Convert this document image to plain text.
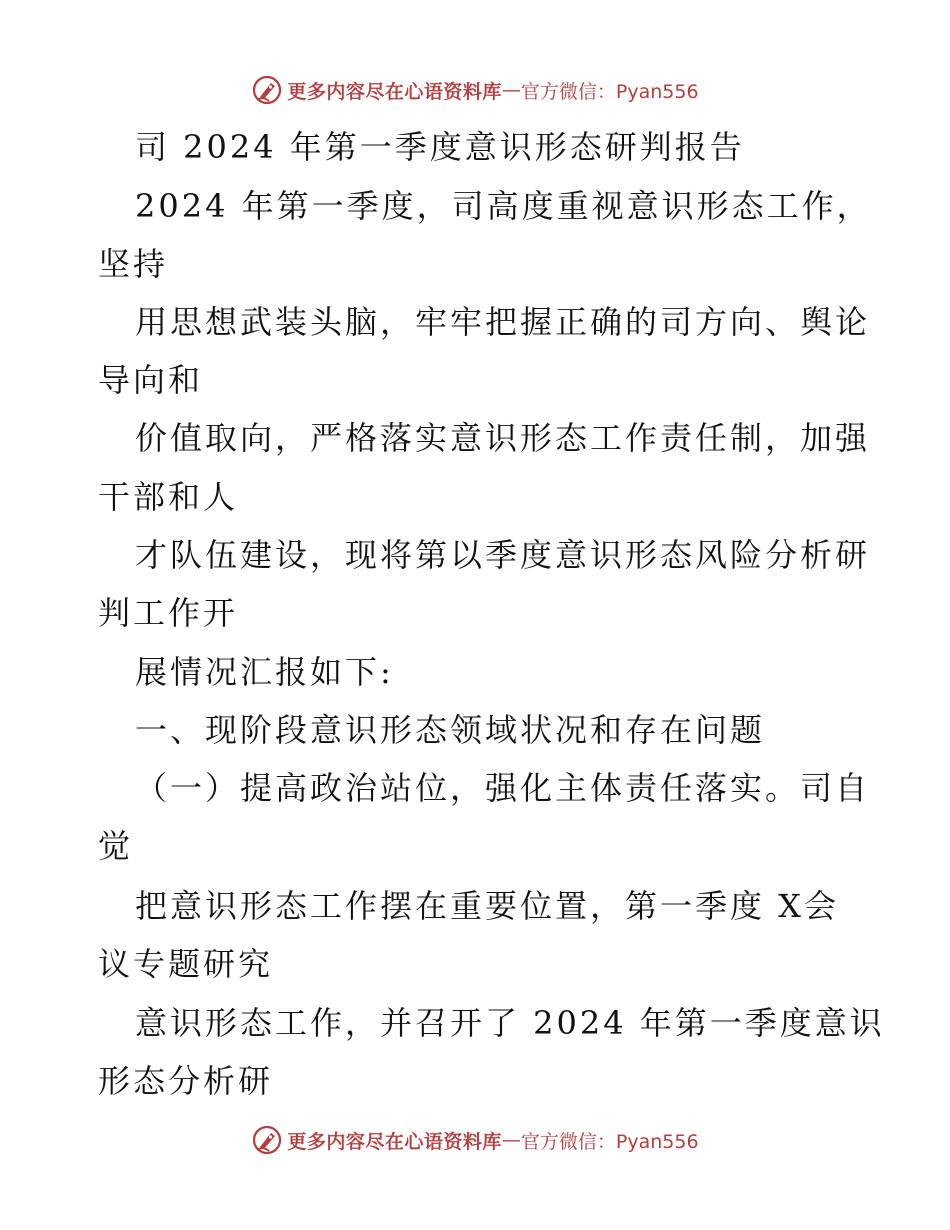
更多内容尽在心语资料库 — 官方微信：Pyan556
司 2024 年第一季度意识形态研判报告
2024 年第一季度，司高度重视意识形态工作，
坚持
用思想武装头脑，牢牢把握正确的司方向、舆论
导向和
价值取向，严格落实意识形态工作责任制，加强
干部和人
才队伍建设，现将第以季度意识形态风险分析研
判工作开
展情况汇报如下:
一、现阶段意识形态领域状况和存在问题
（一）提高政治站位，强化主体责任落实。司自
觉
把意识形态工作摆在重要位置，第一季度 X会
议专题研究
意识形态工作，并召开了 2024 年第一季度意识
形态分析研
更多内容尽在心语资料库 — 官方微信：Pyan556
